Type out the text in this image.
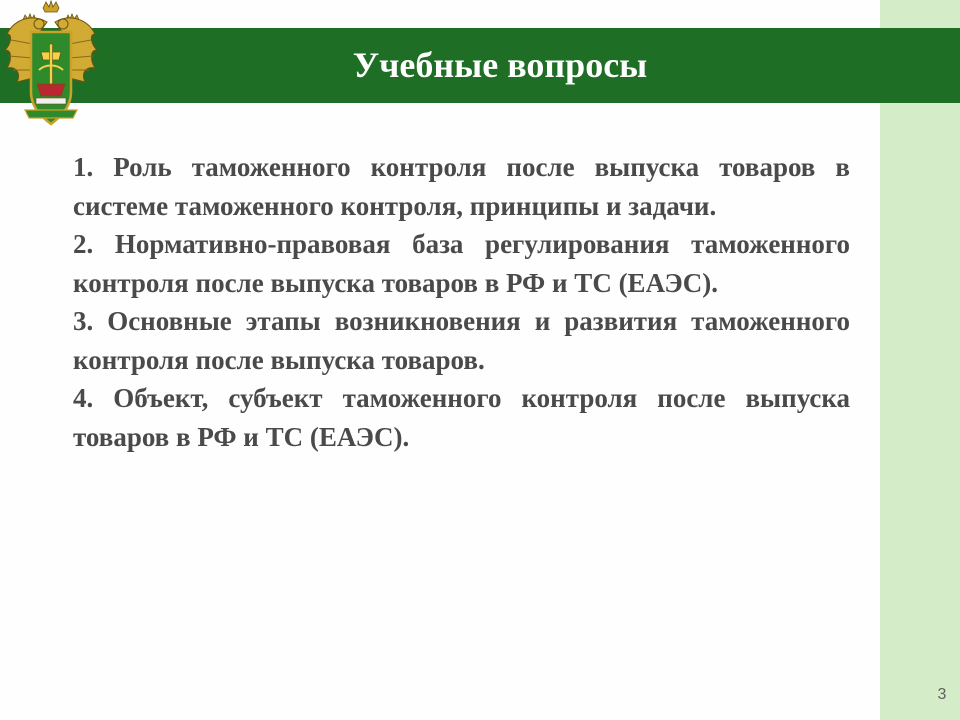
Учебные вопросы

1. Роль таможенного контроля после выпуска товаров в системе таможенного контроля, принципы и задачи.

2. Нормативно-правовая база регулирования таможенного контроля после выпуска товаров в РФ и ТС (ЕАЭС).

3. Основные этапы возникновения и развития таможенного контроля после выпуска товаров.

4. Объект, субъект таможенного контроля после выпуска товаров в РФ и ТС (ЕАЭС).

3
